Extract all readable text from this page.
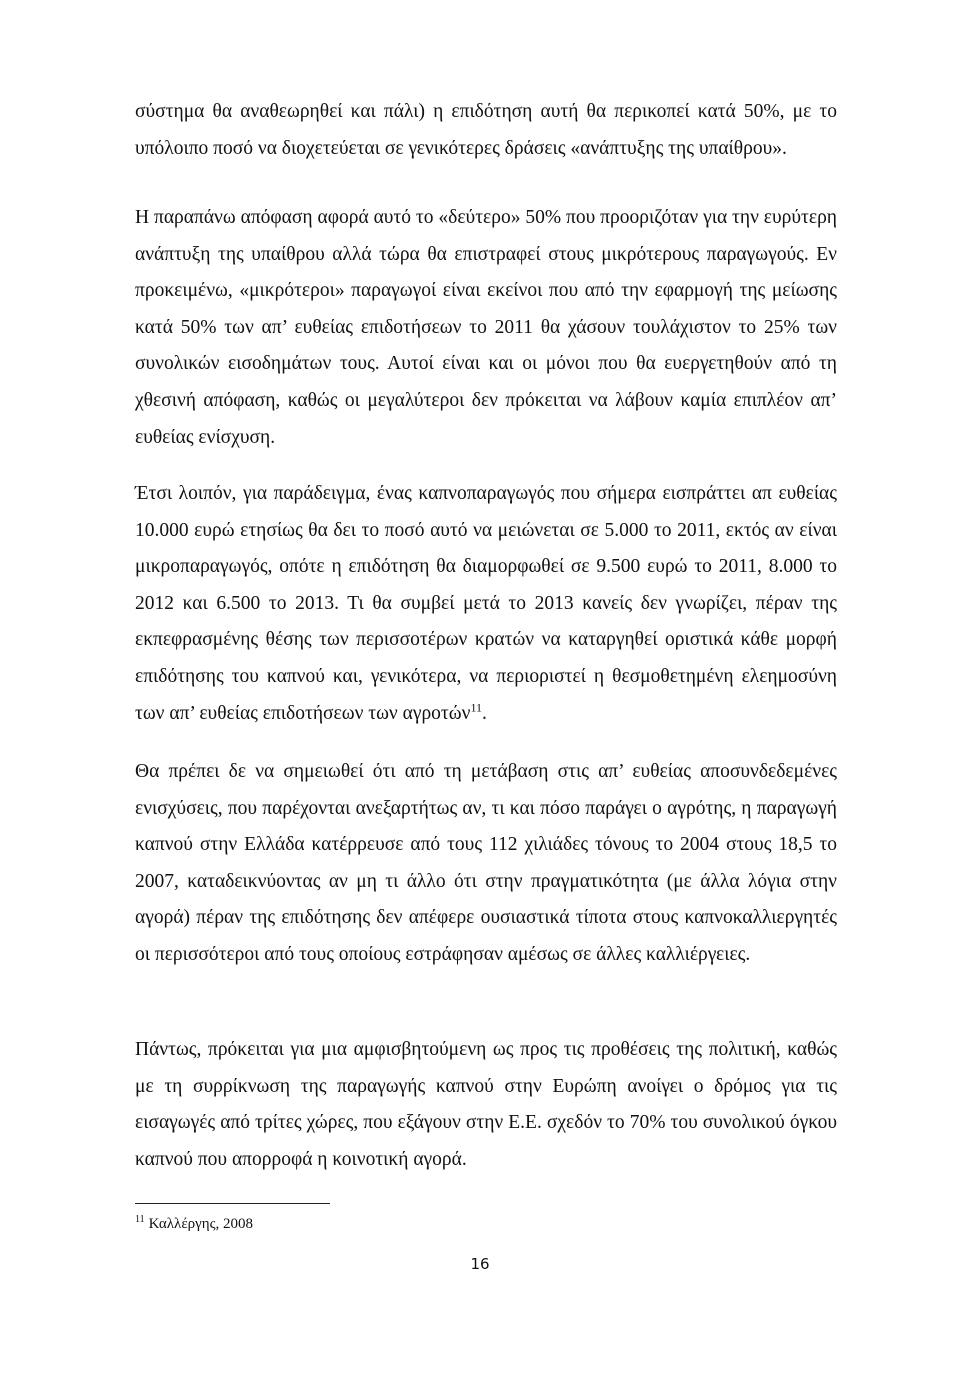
σύστημα θα αναθεωρηθεί και πάλι) η επιδότηση αυτή θα περικοπεί κατά 50%, με το υπόλοιπο ποσό να διοχετεύεται σε γενικότερες δράσεις «ανάπτυξης της υπαίθρου».

Η παραπάνω απόφαση αφορά αυτό το «δεύτερο» 50% που προοριζόταν για την ευρύτερη ανάπτυξη της υπαίθρου αλλά τώρα θα επιστραφεί στους μικρότερους παραγωγούς. Εν προκειμένω, «μικρότεροι» παραγωγοί είναι εκείνοι που από την εφαρμογή της μείωσης κατά 50% των απ’ ευθείας επιδοτήσεων το 2011 θα χάσουν τουλάχιστον το 25% των συνολικών εισοδημάτων τους. Αυτοί είναι και οι μόνοι που θα ευεργετηθούν από τη χθεσινή απόφαση, καθώς οι μεγαλύτεροι δεν πρόκειται να λάβουν καμία επιπλέον απ’ ευθείας ενίσχυση.

Έτσι λοιπόν, για παράδειγμα, ένας καπνοπαραγωγός που σήμερα εισπράττει απ ευθείας 10.000 ευρώ ετησίως θα δει το ποσό αυτό να μειώνεται σε 5.000 το 2011, εκτός αν είναι μικροπαραγωγός, οπότε η επιδότηση θα διαμορφωθεί σε 9.500 ευρώ το 2011, 8.000 το 2012 και 6.500 το 2013. Τι θα συμβεί μετά το 2013 κανείς δεν γνωρίζει, πέραν της εκπεφρασμένης θέσης των περισσοτέρων κρατών να καταργηθεί οριστικά κάθε μορφή επιδότησης του καπνού και, γενικότερα, να περιοριστεί η θεσμοθετημένη ελεημοσύνη των απ’ ευθείας επιδοτήσεων των αγροτών$^{11}$.

Θα πρέπει δε να σημειωθεί ότι από τη μετάβαση στις απ’ ευθείας αποσυνδεδεμένες ενισχύσεις, που παρέχονται ανεξαρτήτως αν, τι και πόσο παράγει ο αγρότης, η παραγωγή καπνού στην Ελλάδα κατέρρευσε από τους 112 χιλιάδες τόνους το 2004 στους 18,5 το 2007, καταδεικνύοντας αν μη τι άλλο ότι στην πραγματικότητα (με άλλα λόγια στην αγορά) πέραν της επιδότησης δεν απέφερε ουσιαστικά τίποτα στους καπνοκαλλιεργητές οι περισσότεροι από τους οποίους εστράφησαν αμέσως σε άλλες καλλιέργειες.

Πάντως, πρόκειται για μια αμφισβητούμενη ως προς τις προθέσεις της πολιτική, καθώς με τη συρρίκνωση της παραγωγής καπνού στην Ευρώπη ανοίγει ο δρόμος για τις εισαγωγές από τρίτες χώρες, που εξάγουν στην Ε.Ε. σχεδόν το 70% του συνολικού όγκου καπνού που απορροφά η κοινοτική αγορά.

$^{11}$ Καλλέργης, 2008

16
